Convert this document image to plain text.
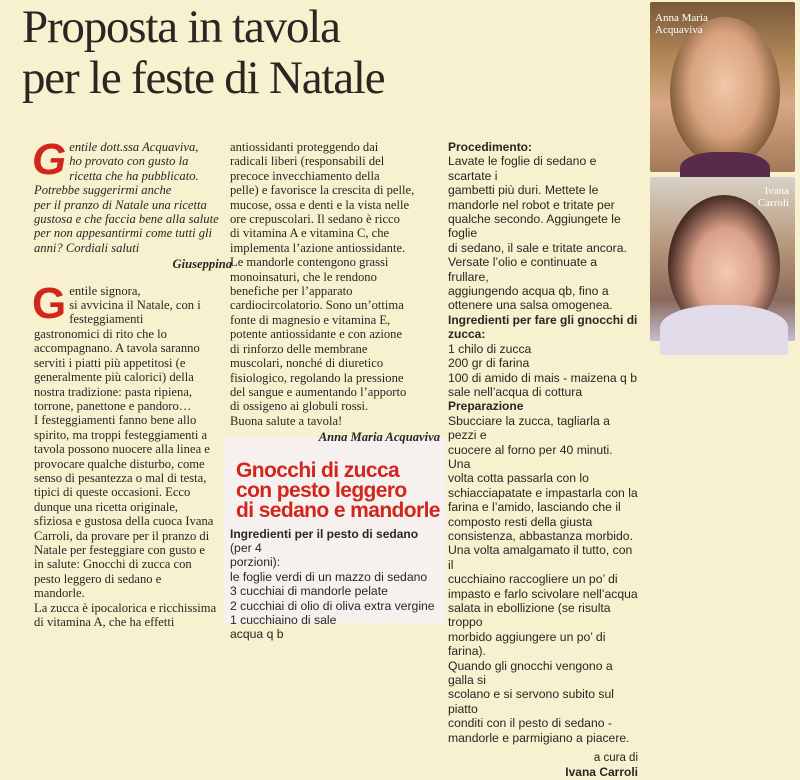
Proposta in tavola
per le feste di Natale
G entile dott.ssa Acquaviva,

ho provato con gusto la

ricetta che ha pubblicato.

Potrebbe suggerirmi anche

per il pranzo di Natale una ricetta

gustosa e che faccia bene alla salute

per non appesantirmi come tutti gli

anni? Cordiali saluti

Giuseppina

G entile signora,

si avvicina il Natale, con i

festeggiamenti

gastronomici di rito che lo

accompagnano. A tavola saranno

serviti i piatti più appetitosi (e

generalmente più calorici) della

nostra tradizione: pasta ripiena,

torrone, panettone e pandoro…

I festeggiamenti fanno bene allo

spirito, ma troppi festeggiamenti a

tavola possono nuocere alla linea e

provocare qualche disturbo, come

senso di pesantezza o mal di testa,

tipici di queste occasioni. Ecco

dunque una ricetta originale,

sfiziosa e gustosa della cuoca Ivana

Carroli, da provare per il pranzo di

Natale per festeggiare con gusto e

in salute: Gnocchi di zucca con

pesto leggero di sedano e

mandorle.

La zucca è ipocalorica e ricchissima

di vitamina A, che ha effetti

antiossidanti proteggendo dai

radicali liberi (responsabili del

precoce invecchiamento della

pelle) e favorisce la crescita di pelle,

mucose, ossa e denti e la vista nelle

ore crepuscolari. Il sedano è ricco

di vitamina A e vitamina C, che

implementa l’azione antiossidante.

Le mandorle contengono grassi

monoinsaturi, che le rendono

benefiche per l’apparato

cardiocircolatorio. Sono un’ottima

fonte di magnesio e vitamina E,

potente antiossidante e con azione

di rinforzo delle membrane

muscolari, nonché di diuretico

fisiologico, regolando la pressione

del sangue e aumentando l’apporto

di ossigeno ai globuli rossi.

Buona salute a tavola!

Anna Maria Acquaviva

Gnocchi di zucca
con pesto leggero
di sedano e mandorle

Ingredienti per il pesto di sedano (per 4

porzioni):

le foglie verdi di un mazzo di sedano

3 cucchiai di mandorle pelate

2 cucchiai di olio di oliva extra vergine

1 cucchiaino di sale

acqua q b

Procedimento:

Lavate le foglie di sedano e scartate i

gambetti più duri. Mettete le

mandorle nel robot e tritate per

qualche secondo. Aggiungete le foglie

di sedano, il sale e tritate ancora.

Versate l’olio e continuate a frullare,

aggiungendo acqua qb, fino a

ottenere una salsa omogenea.

Ingredienti per fare gli gnocchi di

zucca:

1 chilo di zucca

200 gr di farina

100 di amido di mais - maizena q b

sale nell’acqua di cottura

Preparazione

Sbucciare la zucca, tagliarla a pezzi e

cuocere al forno per 40 minuti. Una

volta cotta passarla con lo

schiacciapatate e impastarla con la

farina e l’amido, lasciando che il

composto resti della giusta

consistenza, abbastanza morbido.

Una volta amalgamato il tutto, con il

cucchiaino raccogliere un po’ di

impasto e farlo scivolare nell’acqua

salata in ebollizione (se risulta troppo

morbido aggiungere un po’ di farina).

Quando gli gnocchi vengono a galla si

scolano e si servono subito sul piatto

conditi con il pesto di sedano -

mandorle e parmigiano a piacere.

a cura di

Ivana Carroli

Anna Maria
Acquaviva
Ivana
Carroli
